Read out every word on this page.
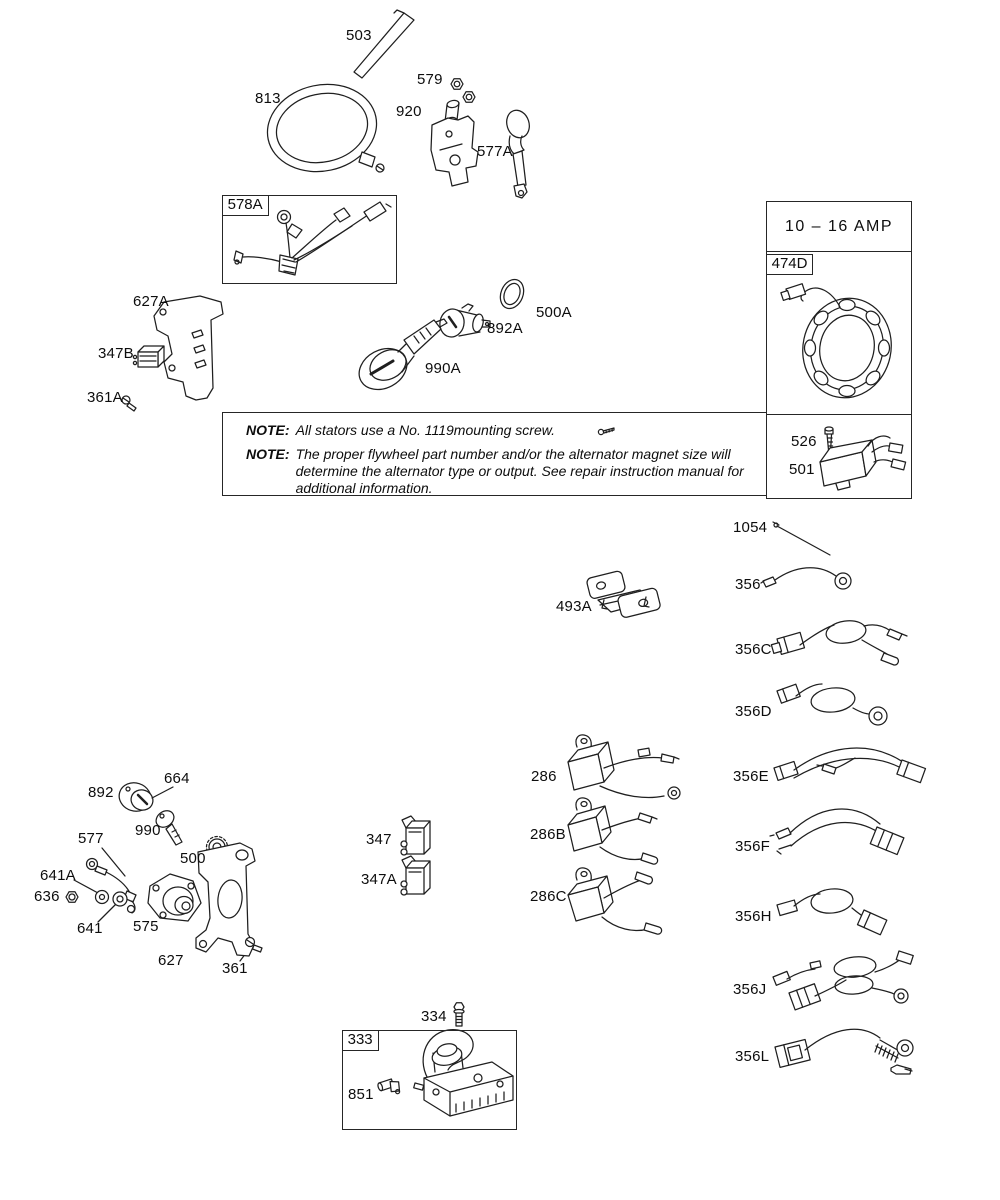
578A
10 – 16 AMP
474D

NOTE: All stators use a No. 1119mounting screw.

NOTE: The proper flywheel part number and/or the alternator magnet size will determine the alternator type or output. See repair instruction manual for additional information.

333
503
813
579
920
577A
627A
347B
361A
500A
892A
990A
526
501
1054
356
356C
356D
356E
356F
356H
356J
356L
493A
286
286B
286C
347
347A
892
664
990
577
641A
636
641
500
575
627	361
334
851
